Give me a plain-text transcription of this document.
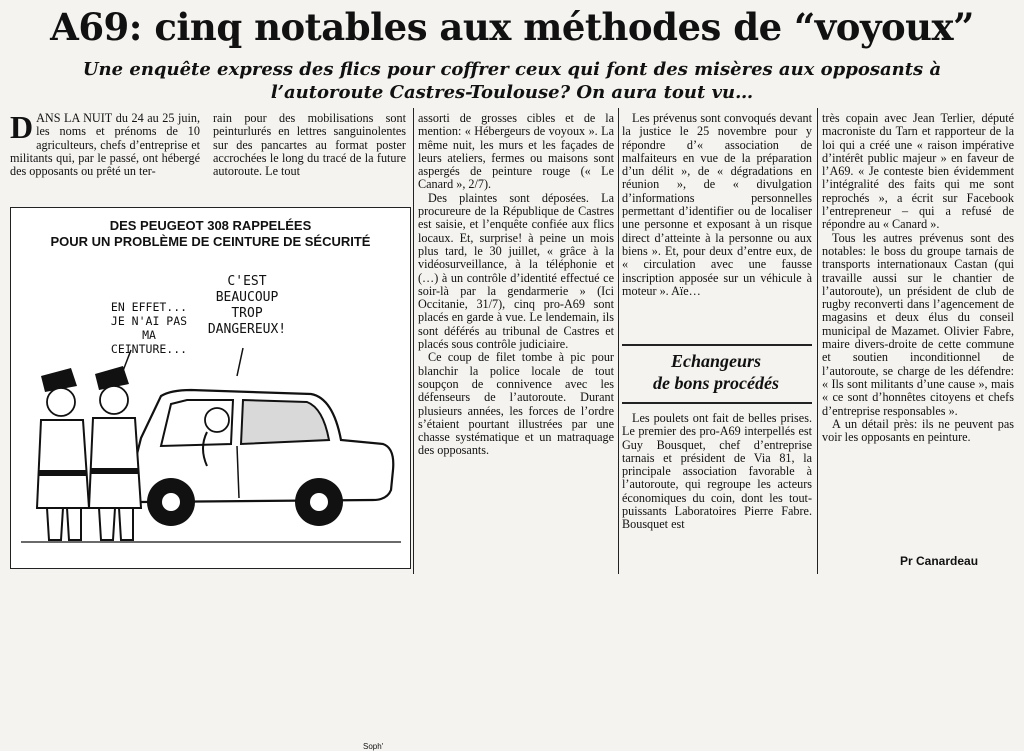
A69: cinq notables aux méthodes de “voyoux”
Une enquête express des flics pour coffrer ceux qui font des misères aux opposants à l’autoroute Castres-Toulouse? On aura tout vu…

DANS LA NUIT du 24 au 25 juin, les noms et prénoms de 10 agriculteurs, chefs d’entreprise et militants qui, par le passé, ont hébergé des opposants ou prêté un ter-

rain pour des mobilisations sont peinturlurés en lettres sanguinolentes sur des pancartes au format poster accrochées le long du tracé de la future autoroute. Le tout

assorti de grosses cibles et de la mention: « Hébergeurs de voyoux ». La même nuit, les murs et les façades de leurs ateliers, fermes ou maisons sont aspergés de peinture rouge (« Le Canard », 2/7).

Des plaintes sont déposées. La procureure de la République de Castres est saisie, et l’enquête confiée aux flics locaux. Et, surprise! à peine un mois plus tard, le 30 juillet, « grâce à la vidéosurveillance, à la téléphonie et (…) à un contrôle d’identité effectué ce soir-là par la gendarmerie » (Ici Occitanie, 31/7), cinq pro-A69 sont placés en garde à vue. Le lendemain, ils sont déférés au tribunal de Castres et placés sous contrôle judiciaire.

Ce coup de filet tombe à pic pour blanchir la police locale de tout soupçon de connivence avec les défenseurs de l’autoroute. Durant plusieurs années, les forces de l’ordre s’étaient pourtant illustrées par une chasse systématique et un matraquage des opposants.

Les prévenus sont convoqués devant la justice le 25 novembre pour y répondre d’« association de malfaiteurs en vue de la préparation d’un délit », de « dégradations en réunion », de « divulgation d’informations personnelles permettant d’identifier ou de localiser une personne et exposant à un risque direct d’atteinte à la personne ou aux biens ». Et, pour deux d’entre eux, de « circulation avec une fausse inscription apposée sur un véhicule à moteur ». Aïe…

Echangeurs
de bons procédés

Les poulets ont fait de belles prises. Le premier des pro-A69 interpellés est Guy Bousquet, chef d’entreprise tarnais et président de Via 81, la principale association favorable à l’autoroute, qui regroupe les acteurs économiques du coin, dont les tout-puissants Laboratoires Pierre Fabre. Bousquet est

très copain avec Jean Terlier, député macroniste du Tarn et rapporteur de la loi qui a créé une « raison impérative d’intérêt public majeur » en faveur de l’A69. « Je conteste bien évidemment l’intégralité des faits qui me sont reprochés », a écrit sur Facebook l’entrepreneur – qui a refusé de répondre au « Canard ».

Tous les autres prévenus sont des notables: le boss du groupe tarnais de transports internationaux Castan (qui travaille aussi sur le chantier de l’autoroute), un président de club de rugby reconverti dans l’agencement de magasins et deux élus du conseil municipal de Mazamet. Olivier Fabre, maire divers-droite de cette commune et soutien inconditionnel de l’autoroute, se charge de les défendre: « Ils sont militants d’une cause », mais « ce sont d’honnêtes citoyens et chefs d’entreprise responsables ».

A un détail près: ils ne peuvent pas voir les opposants en peinture.

Pr Canardeau
DES PEUGEOT 308 RAPPELÉES
POUR UN PROBLÈME DE CEINTURE DE SÉCURITÉ
EN EFFET... JE N'AI PAS MA CEINTURE...
C'EST BEAUCOUP TROP DANGEREUX!
Soph'
